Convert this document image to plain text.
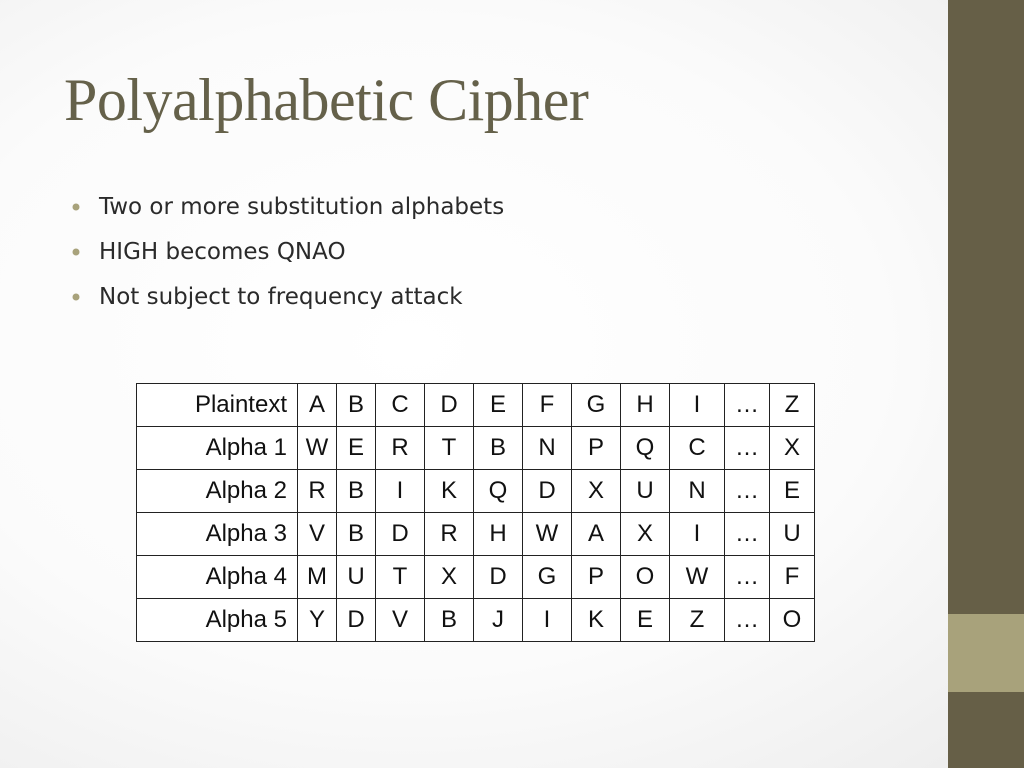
Polyalphabetic Cipher
Two or more substitution alphabets
HIGH becomes QNAO
Not subject to frequency attack
Plaintext	A	B	C	D	E	F	G	H	I	…	Z
Alpha 1	W	E	R	T	B	N	P	Q	C	…	X
Alpha 2	R	B	I	K	Q	D	X	U	N	…	E
Alpha 3	V	B	D	R	H	W	A	X	I	…	U
Alpha 4	M	U	T	X	D	G	P	O	W	…	F
Alpha 5	Y	D	V	B	J	I	K	E	Z	…	O
